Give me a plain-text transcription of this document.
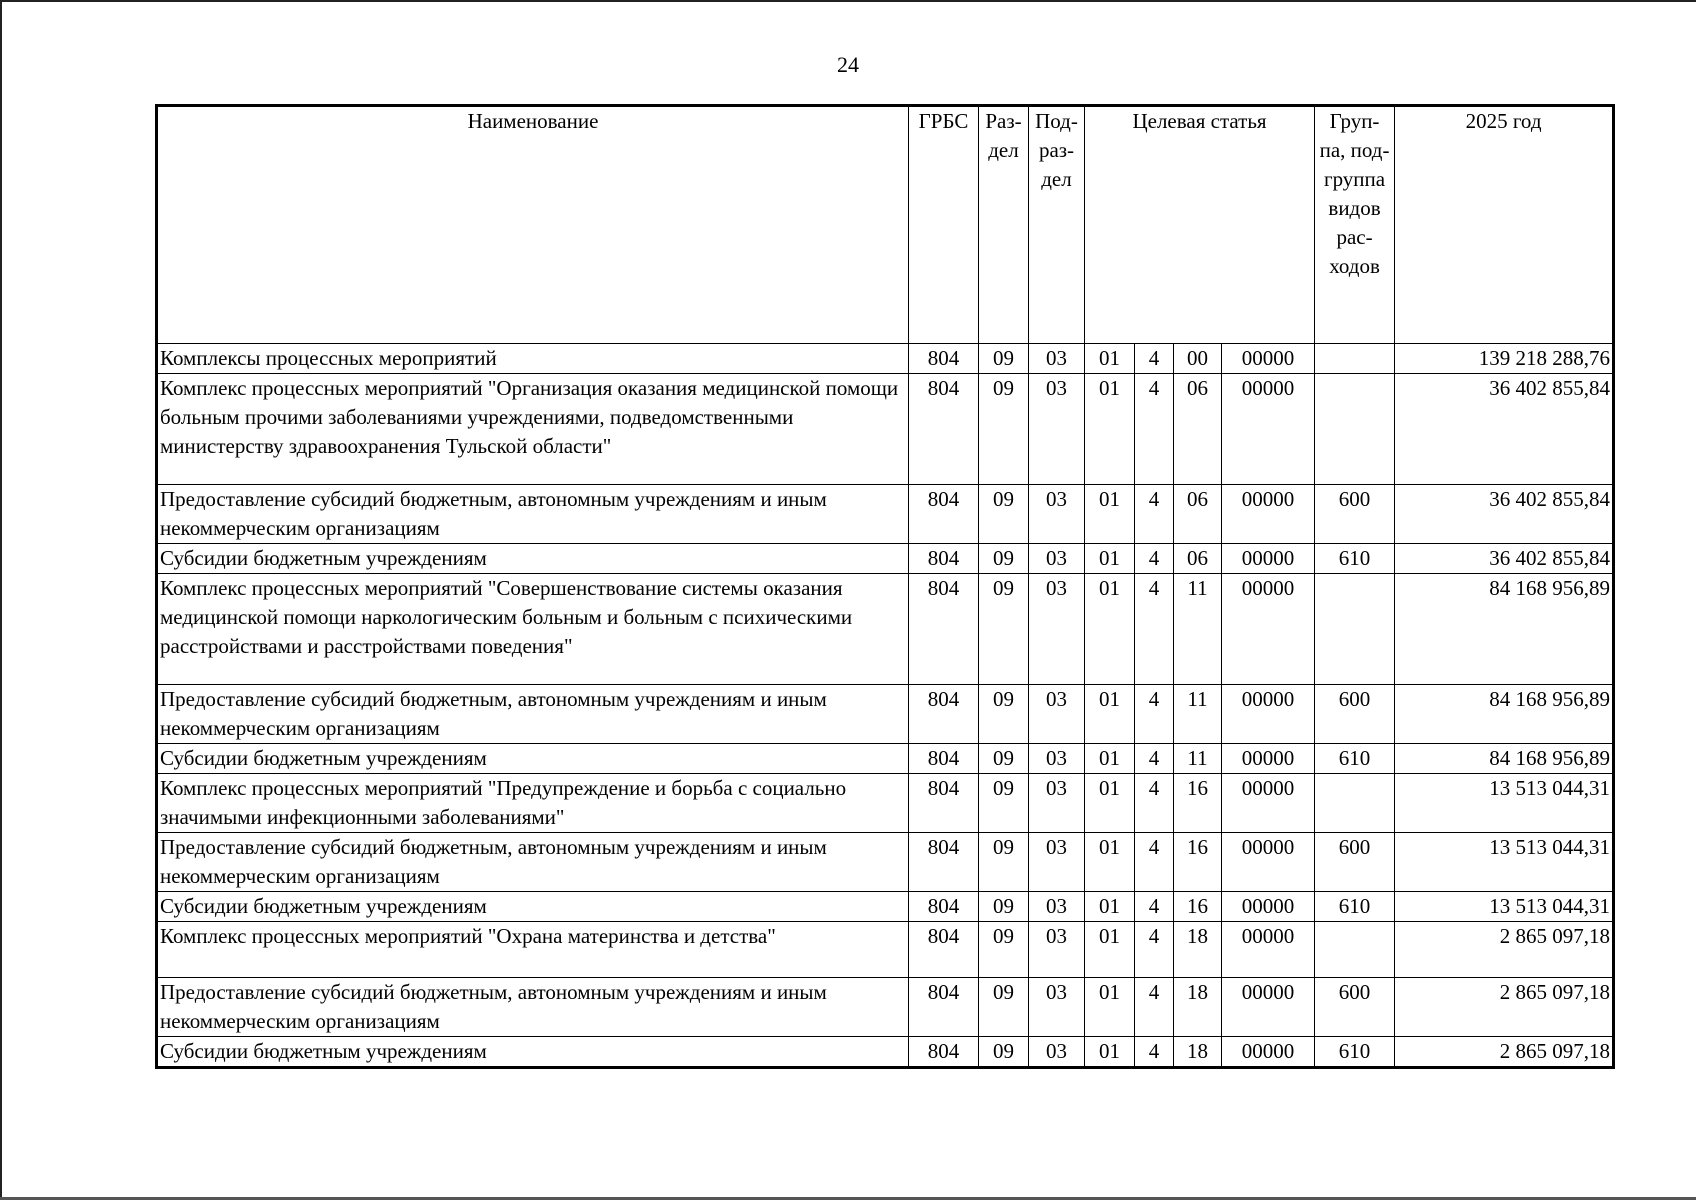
24
Наименование	ГРБС	Раз-дел	Под-раз-дел	Целевая статья				Груп-па, под-группа видов рас-ходов	2025 год
Комплексы процессных мероприятий	804	09	03	01	4	00	00000		139 218 288,76
Комплекс процессных мероприятий "Организация оказания медицинской помощи больным прочими заболеваниями учреждениями, подведомственными министерству здравоохранения Тульской области"	804	09	03	01	4	06	00000		36 402 855,84
Предоставление субсидий бюджетным, автономным учреждениям и иным некоммерческим организациям	804	09	03	01	4	06	00000	600	36 402 855,84
Субсидии бюджетным учреждениям	804	09	03	01	4	06	00000	610	36 402 855,84
Комплекс процессных мероприятий "Совершенствование системы оказания медицинской помощи наркологическим больным и больным с психическими расстройствами и расстройствами поведения"	804	09	03	01	4	11	00000		84 168 956,89
Предоставление субсидий бюджетным, автономным учреждениям и иным некоммерческим организациям	804	09	03	01	4	11	00000	600	84 168 956,89
Субсидии бюджетным учреждениям	804	09	03	01	4	11	00000	610	84 168 956,89
Комплекс процессных мероприятий "Предупреждение и борьба с социально значимыми инфекционными заболеваниями"	804	09	03	01	4	16	00000		13 513 044,31
Предоставление субсидий бюджетным, автономным учреждениям и иным некоммерческим организациям	804	09	03	01	4	16	00000	600	13 513 044,31
Субсидии бюджетным учреждениям	804	09	03	01	4	16	00000	610	13 513 044,31
Комплекс процессных мероприятий "Охрана материнства и детства"	804	09	03	01	4	18	00000		2 865 097,18
Предоставление субсидий бюджетным, автономным учреждениям и иным некоммерческим организациям	804	09	03	01	4	18	00000	600	2 865 097,18
Субсидии бюджетным учреждениям	804	09	03	01	4	18	00000	610	2 865 097,18
